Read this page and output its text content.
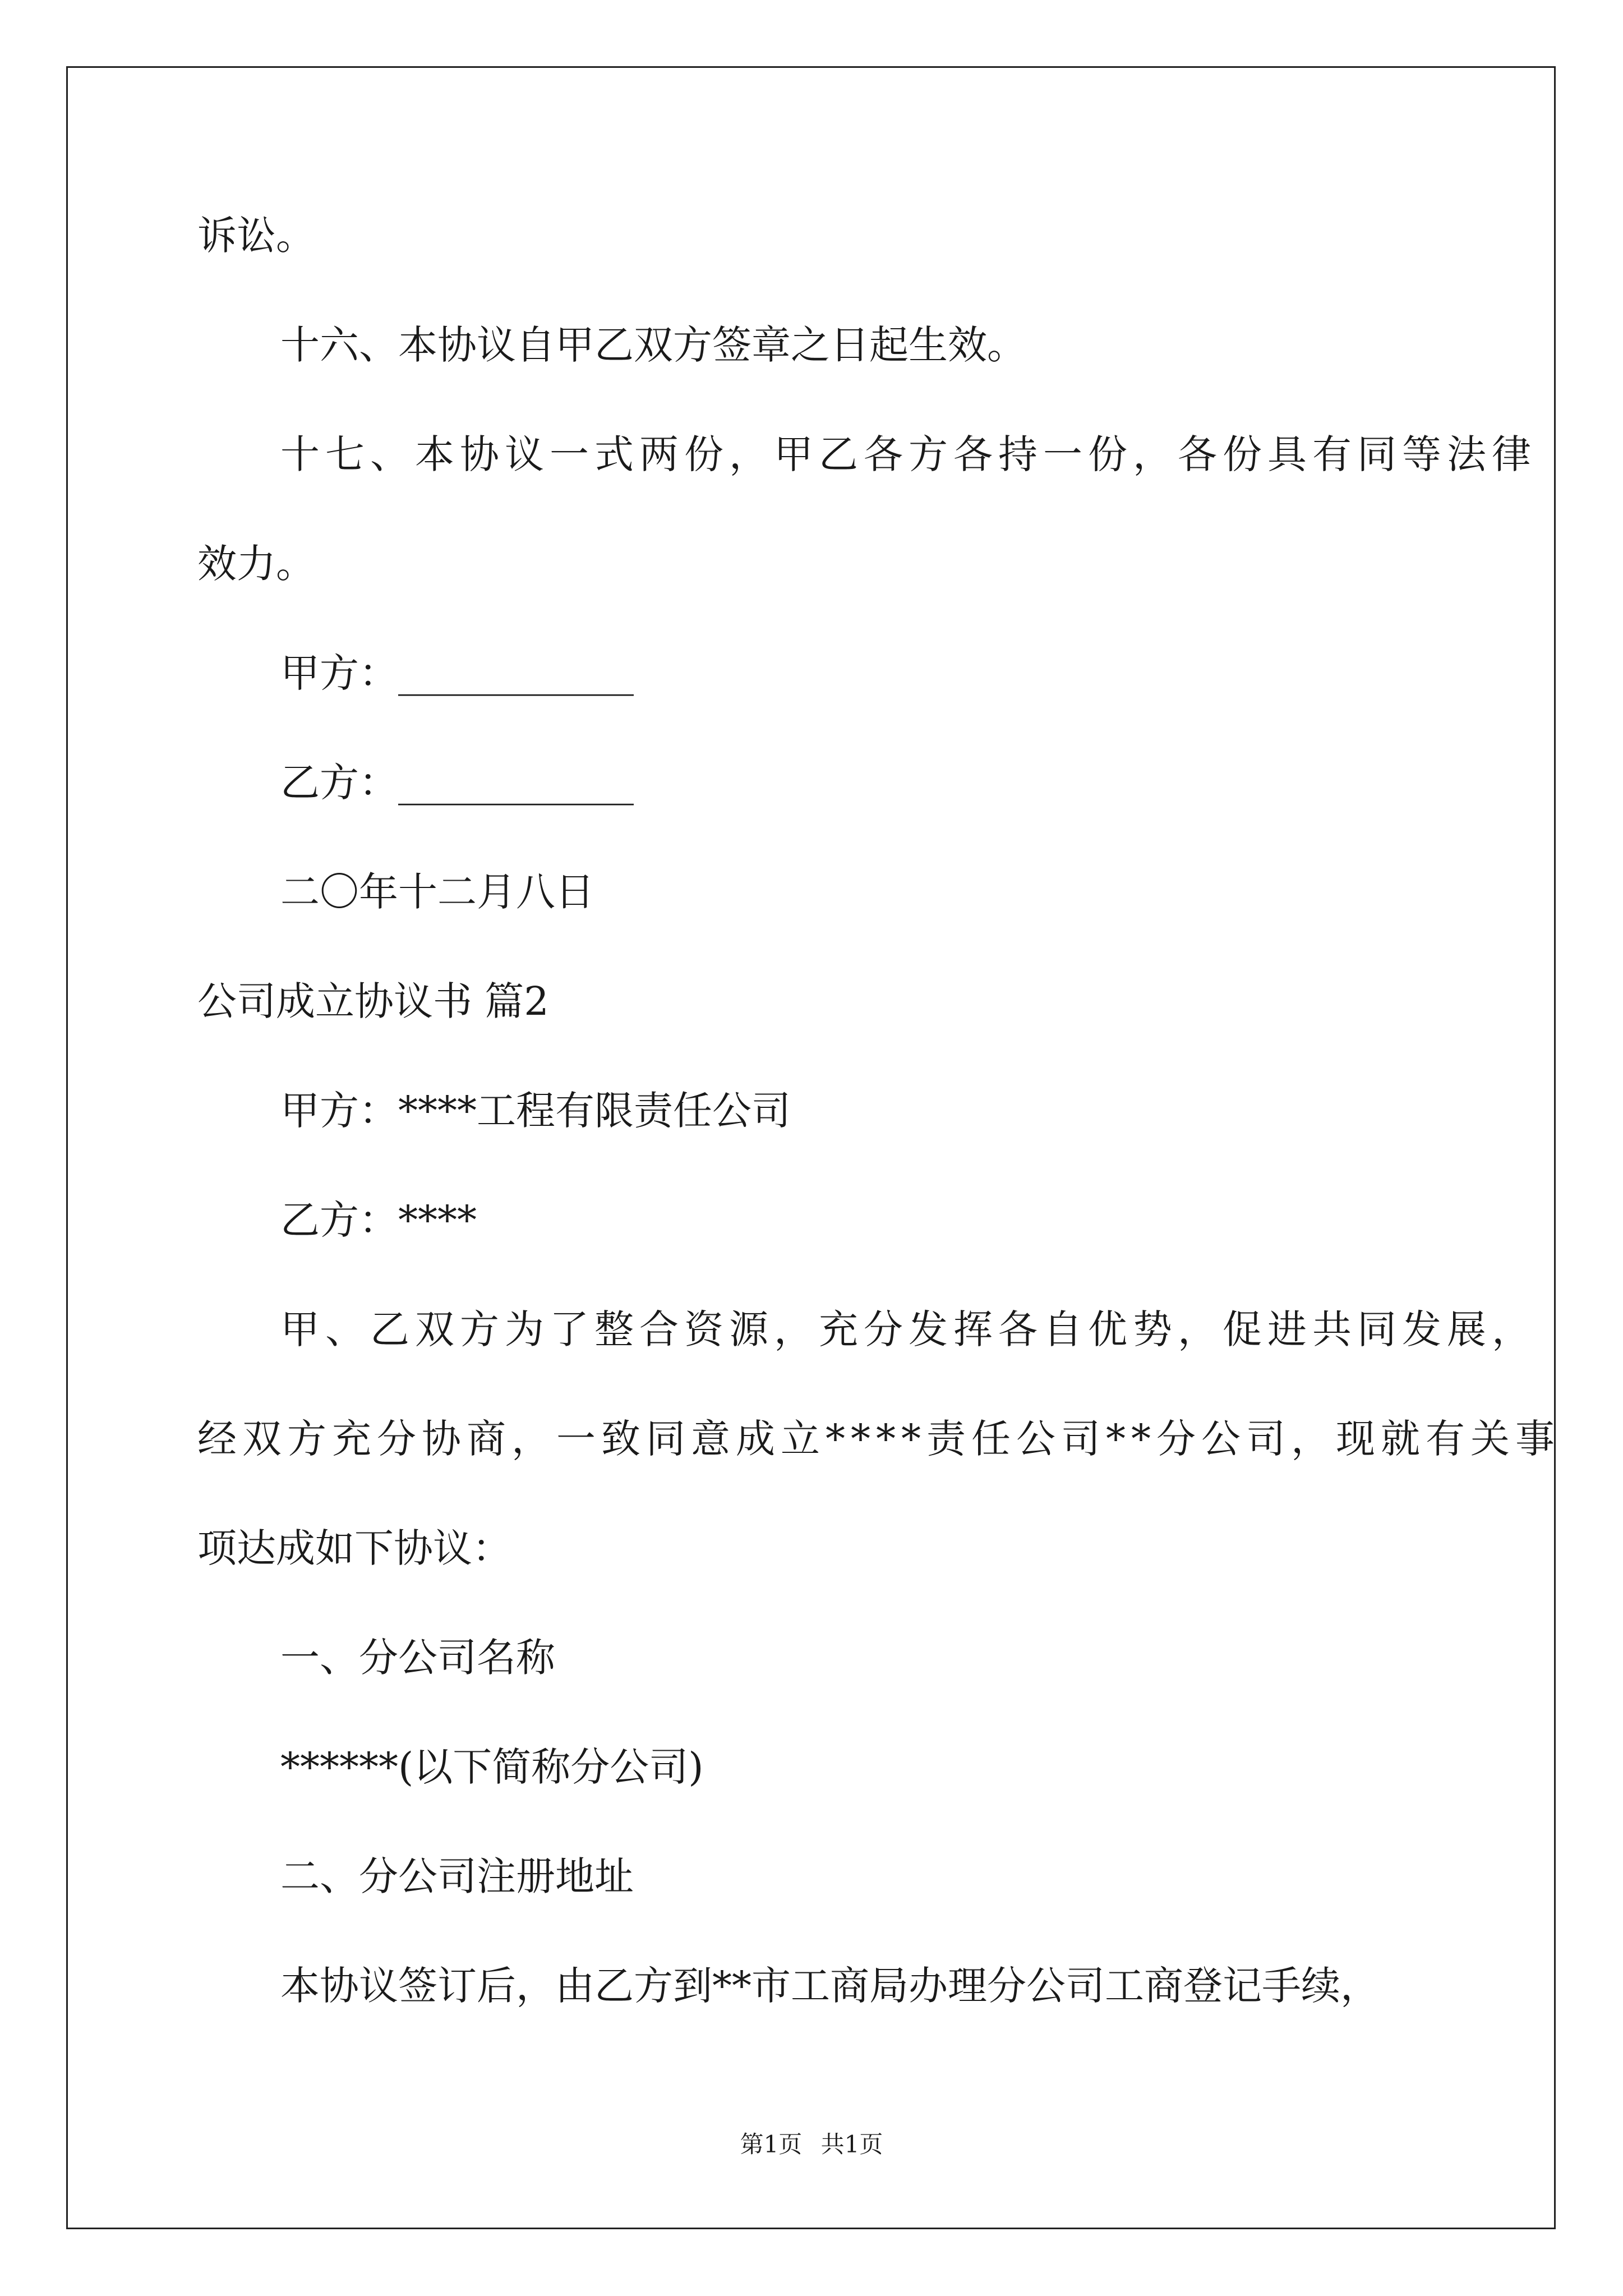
诉讼。
十六、本协议自甲乙双方签章之日起生效。
十七、本协议一式两份，甲乙各方各持一份，各份具有同等法律
效力。
甲方：____________
乙方：____________
二〇年十二月八日
公司成立协议书 篇2
甲方：****工程有限责任公司
乙方：****
甲、乙双方为了整合资源，充分发挥各自优势，促进共同发展，
经双方充分协商，一致同意成立****责任公司**分公司，现就有关事
项达成如下协议：
一、分公司名称
******(以下简称分公司)
二、分公司注册地址
本协议签订后，由乙方到**市工商局办理分公司工商登记手续，
第1页 共1页
